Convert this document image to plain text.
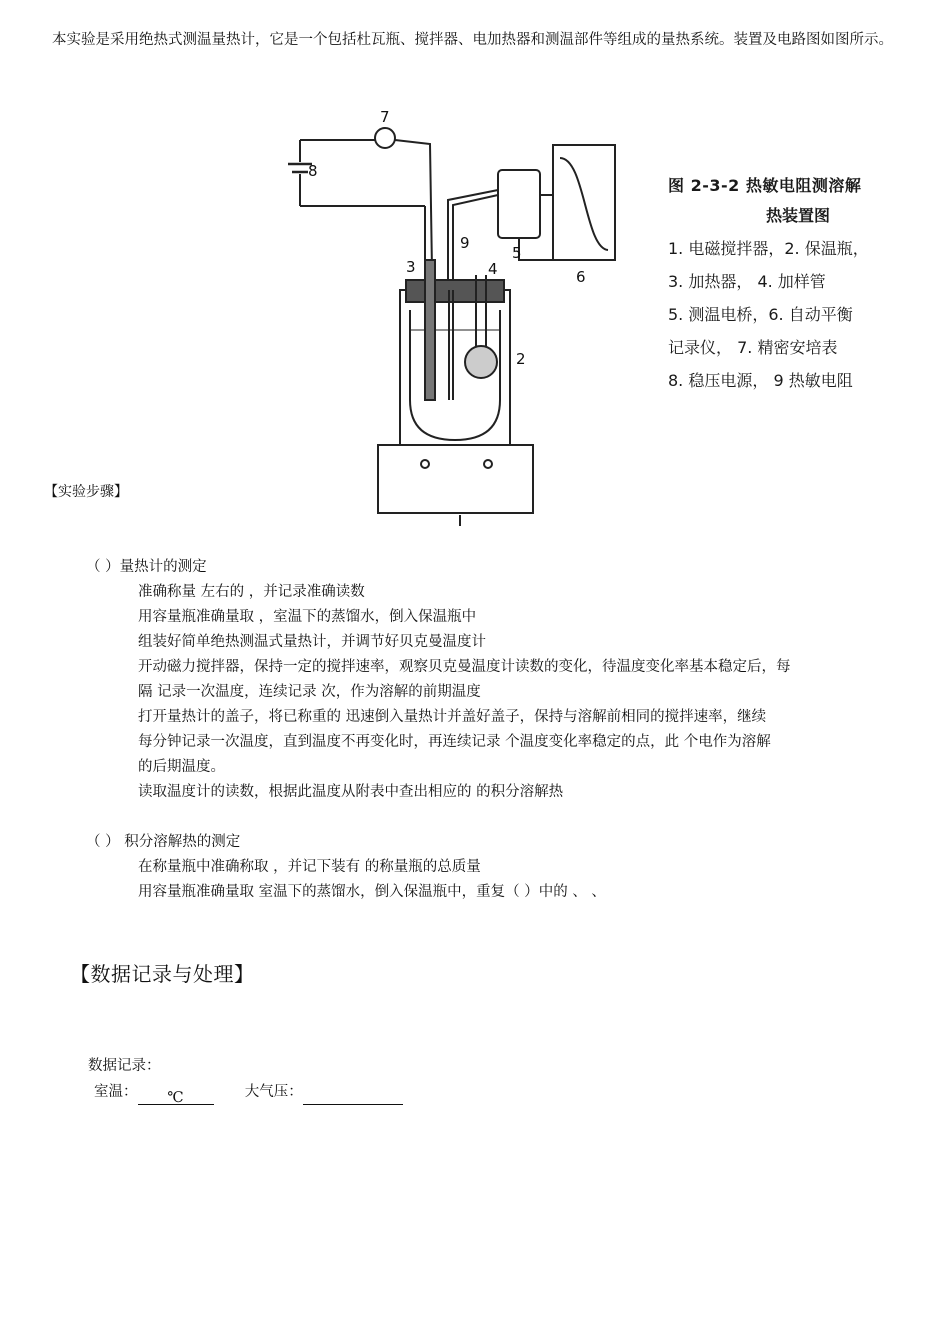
本实验是采用绝热式测温量热计，它是一个包括杜瓦瓶、搅拌器、电加热器和测温部件等组成的量热系统。装置及电路图如图所示。
7
8
3
9
4
5
6
2
图 2-3-2 热敏电阻测溶解
热装置图
1. 电磁搅拌器，2. 保温瓶，
3. 加热器， 4. 加样管
5. 测温电桥，6. 自动平衡
记录仪， 7. 精密安培表
8. 稳压电源， 9 热敏电阻
【实验步骤】
（ ）量热计的测定
准确称量 左右的 ，并记录准确读数
用容量瓶准确量取 ，室温下的蒸馏水，倒入保温瓶中
组装好简单绝热测温式量热计，并调节好贝克曼温度计
开动磁力搅拌器，保持一定的搅拌速率，观察贝克曼温度计读数的变化，待温度变化率基本稳定后，每
隔 记录一次温度，连续记录 次，作为溶解的前期温度
打开量热计的盖子，将已称重的 迅速倒入量热计并盖好盖子，保持与溶解前相同的搅拌速率，继续
每分钟记录一次温度，直到温度不再变化时，再连续记录 个温度变化率稳定的点，此 个电作为溶解
的后期温度。
读取温度计的读数，根据此温度从附表中查出相应的 的积分溶解热
（ ） 积分溶解热的测定
在称量瓶中准确称取 ，并记下装有 的称量瓶的总质量
用容量瓶准确量取 室温下的蒸馏水，倒入保温瓶中，重复（ ）中的 、 、
【数据记录与处理】
数据记录：
室温： ℃	大气压：
